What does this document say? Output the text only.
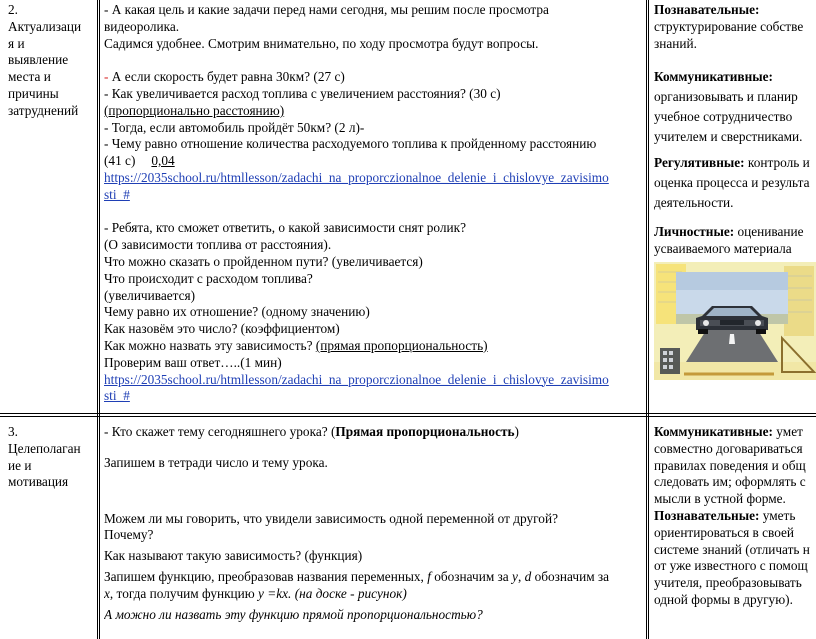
2.

Актуализаци

я и

выявление

места и

причины

затруднений

- А какая цель и какие задачи перед нами сегодня, мы решим после просмотра

видеоролика.

Садимся удобнее. Смотрим внимательно, по ходу просмотра будут вопросы.

- А если скорость будет равна 30км? (27 с)

- Как увеличивается расход топлива с увеличением расстояния? (30 с)

(пропорционально расстоянию)

- Тогда, если автомобиль пройдёт 50км? (2 л)-

- Чему равно отношение количества расходуемого топлива к пройденному расстоянию

(41 с) 0,04

https://2035school.ru/htmllesson/zadachi_na_proporczionalnoe_delenie_i_chislovye_zavisimo
sti_#

- Ребята, кто сможет ответить, о какой зависимости снят ролик?

(О зависимости топлива от расстояния).

Что можно сказать о пройденном пути? (увеличивается)

Что происходит с расходом топлива?

(увеличивается)

Чему равно их отношение? (одному значению)

Как назовём это число? (коэффициентом)

Как можно назвать эту зависимость? (прямая пропорциональность)

Проверим ваш ответ…..(1 мин)

https://2035school.ru/htmllesson/zadachi_na_proporczionalnoe_delenie_i_chislovye_zavisimo
sti_#

Познавательные:

структурирование собстве

знаний.

Коммуникативные:

организовывать и планир

учебное сотрудничество

учителем и сверстниками.

Регулятивные: контроль и

оценка процесса и результа

деятельности.

Личностные: оценивание

усваиваемого материала

3.

Целеполаган

ие и

мотивация

- Кто скажет тему сегодняшнего урока? (Прямая пропорциональность)

Запишем в тетради число и тему урока.

Можем ли мы говорить, что увидели зависимость одной переменной от другой?

Почему?

Как называют такую зависимость? (функция)

Запишем функцию, преобразовав названия переменных, f обозначим за y, d обозначим за

x, тогда получим функцию y =kx. (на доске - рисунок)

А можно ли назвать эту функцию прямой пропорциональностью?

Коммуникативные: умет

совместно договариваться

правилах поведения и общ

следовать им; оформлять с

мысли в устной форме.

Познавательные: уметь

ориентироваться в своей

системе знаний (отличать н

от уже известного с помощ

учителя, преобразовывать

одной формы в другую).
